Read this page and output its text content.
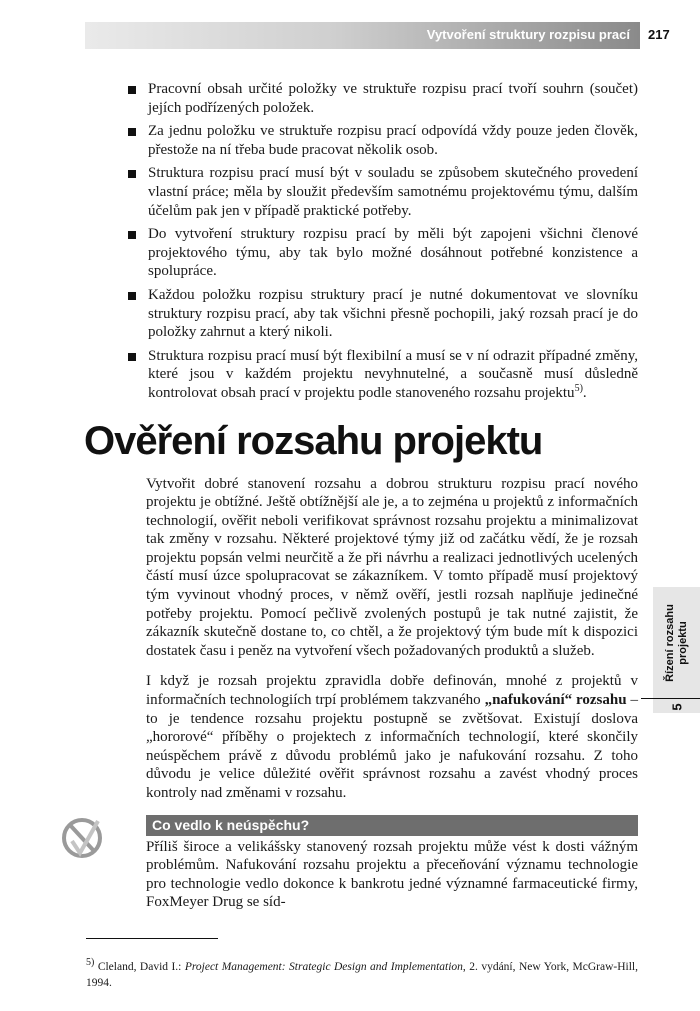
Vytvoření struktury rozpisu prací 217
Pracovní obsah určité položky ve struktuře rozpisu prací tvoří souhrn (součet) jejích podřízených položek.
Za jednu položku ve struktuře rozpisu prací odpovídá vždy pouze jeden člověk, přestože na ní třeba bude pracovat několik osob.
Struktura rozpisu prací musí být v souladu se způsobem skutečného provedení vlastní práce; měla by sloužit především samotnému projektovému týmu, dalším účelům pak jen v případě praktické potřeby.
Do vytvoření struktury rozpisu prací by měli být zapojeni všichni členové projektového týmu, aby tak bylo možné dosáhnout potřebné konzistence a spolupráce.
Každou položku rozpisu struktury prací je nutné dokumentovat ve slovníku struktury rozpisu prací, aby tak všichni přesně pochopili, jaký rozsah prací je do položky zahrnut a který nikoli.
Struktura rozpisu prací musí být flexibilní a musí se v ní odrazit případné změny, které jsou v každém projektu nevyhnutelné, a současně musí důsledně kontrolovat obsah prací v projektu podle stanoveného rozsahu projektu$^{5)}$.
Ověření rozsahu projektu

Vytvořit dobré stanovení rozsahu a dobrou strukturu rozpisu prací nového projektu je obtížné. Ještě obtížnější ale je, a to zejména u projektů z informačních technologií, ověřit neboli verifikovat správnost rozsahu projektu a minimalizovat tak změny v rozsahu. Některé projektové týmy již od začátku vědí, že je rozsah projektu popsán velmi neurčitě a že při návrhu a realizaci jednotlivých ucelených částí musí úzce spolupracovat se zákazníkem. V tomto případě musí projektový tým vyvinout vhodný proces, v němž ověří, jestli rozsah naplňuje jedinečné potřeby projektu. Pomocí pečlivě zvolených postupů je tak nutné zajistit, že zákazník skutečně dostane to, co chtěl, a že projektový tým bude mít k dispozici dostatek času i peněz na vytvoření všech požadovaných produktů a služeb.

I když je rozsah projektu zpravidla dobře definován, mnohé z projektů v informačních technologiích trpí problémem takzvaného „nafukování“ rozsahu – to je tendence rozsahu projektu postupně se zvětšovat. Existují doslova „hororové“ příběhy o projektech z informačních technologií, které skončily neúspěchem právě z důvodu problémů jako je nafukování rozsahu. Z toho důvodu je velice důležité ověřit správnost rozsahu a zavést vhodný proces kontroly nad změnami v rozsahu.

Co vedlo k neúspěchu?

Příliš široce a velikášsky stanovený rozsah projektu může vést k dosti vážným problémům. Nafukování rozsahu projektu a přeceňování významu technologie pro technologie vedlo dokonce k bankrotu jedné významné farmaceutické firmy, FoxMeyer Drug se síd-

$^{5)}$ Cleland, David I.: Project Management: Strategic Design and Implementation, 2. vydání, New York, McGraw-Hill, 1994.

Řízení rozsahu projektu
5
